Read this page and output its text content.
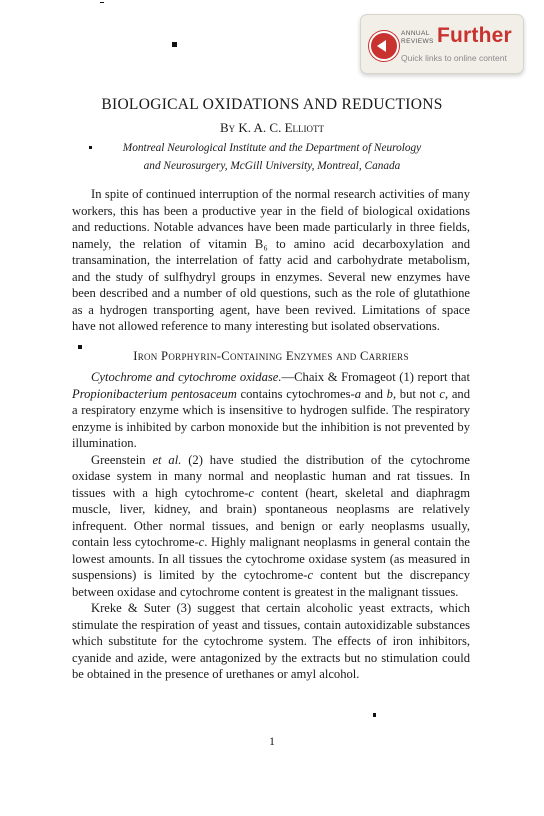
ANNUAL
REVIEWS Further
Quick links to online content
BIOLOGICAL OXIDATIONS AND REDUCTIONS
By K. A. C. Elliott
Montreal Neurological Institute and the Department of Neurology
and Neurosurgery, McGill University, Montreal, Canada

In spite of continued interruption of the normal research activities of many workers, this has been a productive year in the field of biological oxidations and reductions. Notable advances have been made particularly in three fields, namely, the relation of vitamin B₆ to amino acid decarboxylation and transamination, the interrelation of fatty acid and carbohydrate metabolism, and the study of sulfhydryl groups in enzymes. Several new enzymes have been described and a number of old questions, such as the role of glutathione as a hydrogen transporting agent, have been revived. Limitations of space have not allowed reference to many interesting but isolated observations.

Iron Porphyrin-Containing Enzymes and Carriers

Cytochrome and cytochrome oxidase.—Chaix & Fromageot (1) report that Propionibacterium pentosaceum contains cytochromes-a and b, but not c, and a respiratory enzyme which is insensitive to hydrogen sulfide. The respiratory enzyme is inhibited by carbon monoxide but the inhibition is not prevented by illumination.

Greenstein et al. (2) have studied the distribution of the cytochrome oxidase system in many normal and neoplastic human and rat tissues. In tissues with a high cytochrome-c content (heart, skeletal and diaphragm muscle, liver, kidney, and brain) spontaneous neoplasms are relatively infrequent. Other normal tissues, and benign or early neoplasms usually, contain less cytochrome-c. Highly malignant neoplasms in general contain the lowest amounts. In all tissues the cytochrome oxidase system (as measured in suspensions) is limited by the cytochrome-c content but the discrepancy between oxidase and cytochrome content is greatest in the malignant tissues.

Kreke & Suter (3) suggest that certain alcoholic yeast extracts, which stimulate the respiration of yeast and tissues, contain autoxidizable substances which substitute for the cytochrome system. The effects of iron inhibitors, cyanide and azide, were antagonized by the extracts but no stimulation could be obtained in the presence of urethanes or amyl alcohol.

1
